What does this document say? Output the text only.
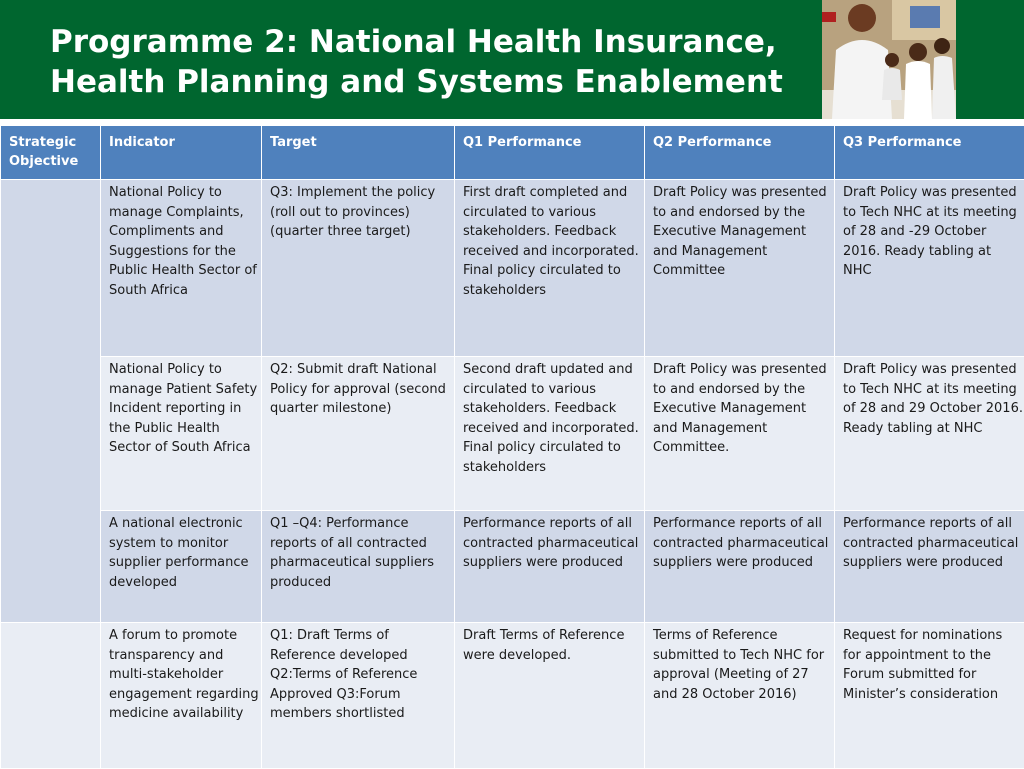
Programme 2: National Health Insurance,
Health Planning and Systems Enablement
Strategic Objective	Indicator	Target	Q1 Performance	Q2 Performance	Q3 Performance
	National Policy to manage Complaints, Compliments and Suggestions for the Public Health Sector of South Africa	Q3: Implement the policy (roll out to provinces) (quarter three target)	First draft completed and circulated to various stakeholders. Feedback received and incorporated. Final policy circulated to stakeholders	Draft Policy was presented to and endorsed by the Executive Management and Management Committee	Draft Policy was presented to Tech NHC at its meeting of 28 and -29 October 2016. Ready tabling at NHC
	National Policy to manage Patient Safety Incident reporting in the Public Health Sector of South Africa	Q2: Submit draft National Policy for approval (second quarter milestone)	Second draft updated and circulated to various stakeholders. Feedback received and incorporated. Final policy circulated to stakeholders	Draft Policy was presented to and endorsed by the Executive Management and Management Committee.	Draft Policy was presented to Tech NHC at its meeting of 28 and 29 October 2016. Ready tabling at NHC
	A national electronic system to monitor supplier performance developed	Q1 –Q4: Performance reports of all contracted pharmaceutical suppliers produced	Performance reports of all contracted pharmaceutical suppliers were produced	Performance reports of all contracted pharmaceutical suppliers were produced	Performance reports of all contracted pharmaceutical suppliers were produced
	A forum to promote transparency and multi-stakeholder engagement regarding medicine availability	Q1: Draft Terms of Reference developed Q2:Terms of Reference Approved Q3:Forum members shortlisted	Draft Terms of Reference were developed.	Terms of Reference submitted to Tech NHC for approval (Meeting of 27 and 28 October 2016)	Request for nominations for appointment to the Forum submitted for Minister’s consideration
